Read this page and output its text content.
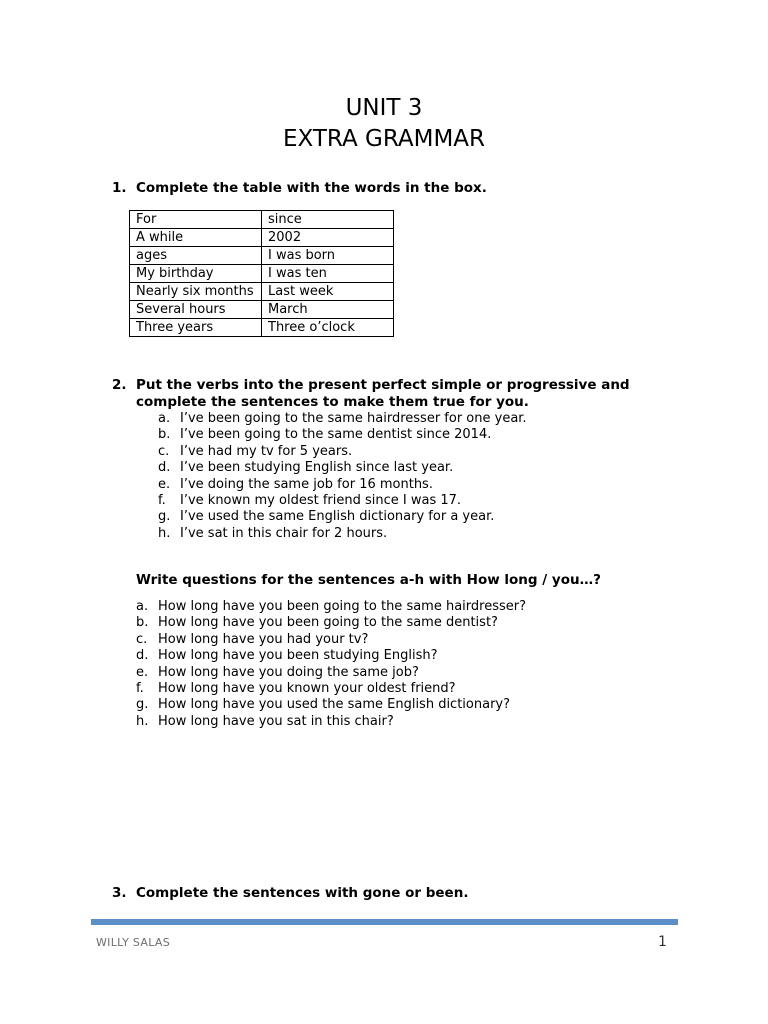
UNIT 3
EXTRA GRAMMAR
1. Complete the table with the words in the box.
For	since
A while	2002
ages	I was born
My birthday	I was ten
Nearly six months	Last week
Several hours	March
Three years	Three o’clock
2. Put the verbs into the present perfect simple or progressive and complete the sentences to make them true for you.
a. I’ve been going to the same hairdresser for one year.
b. I’ve been going to the same dentist since 2014.
c. I’ve had my tv for 5 years.
d. I’ve been studying English since last year.
e. I’ve doing the same job for 16 months.
f. I’ve known my oldest friend since I was 17.
g. I’ve used the same English dictionary for a year.
h. I’ve sat in this chair for 2 hours.
Write questions for the sentences a-h with How long / you…?
a. How long have you been going to the same hairdresser?
b. How long have you been going to the same dentist?
c. How long have you had your tv?
d. How long have you been studying English?
e. How long have you doing the same job?
f. How long have you known your oldest friend?
g. How long have you used the same English dictionary?
h. How long have you sat in this chair?
3. Complete the sentences with gone or been.
WILLY SALAS	1
